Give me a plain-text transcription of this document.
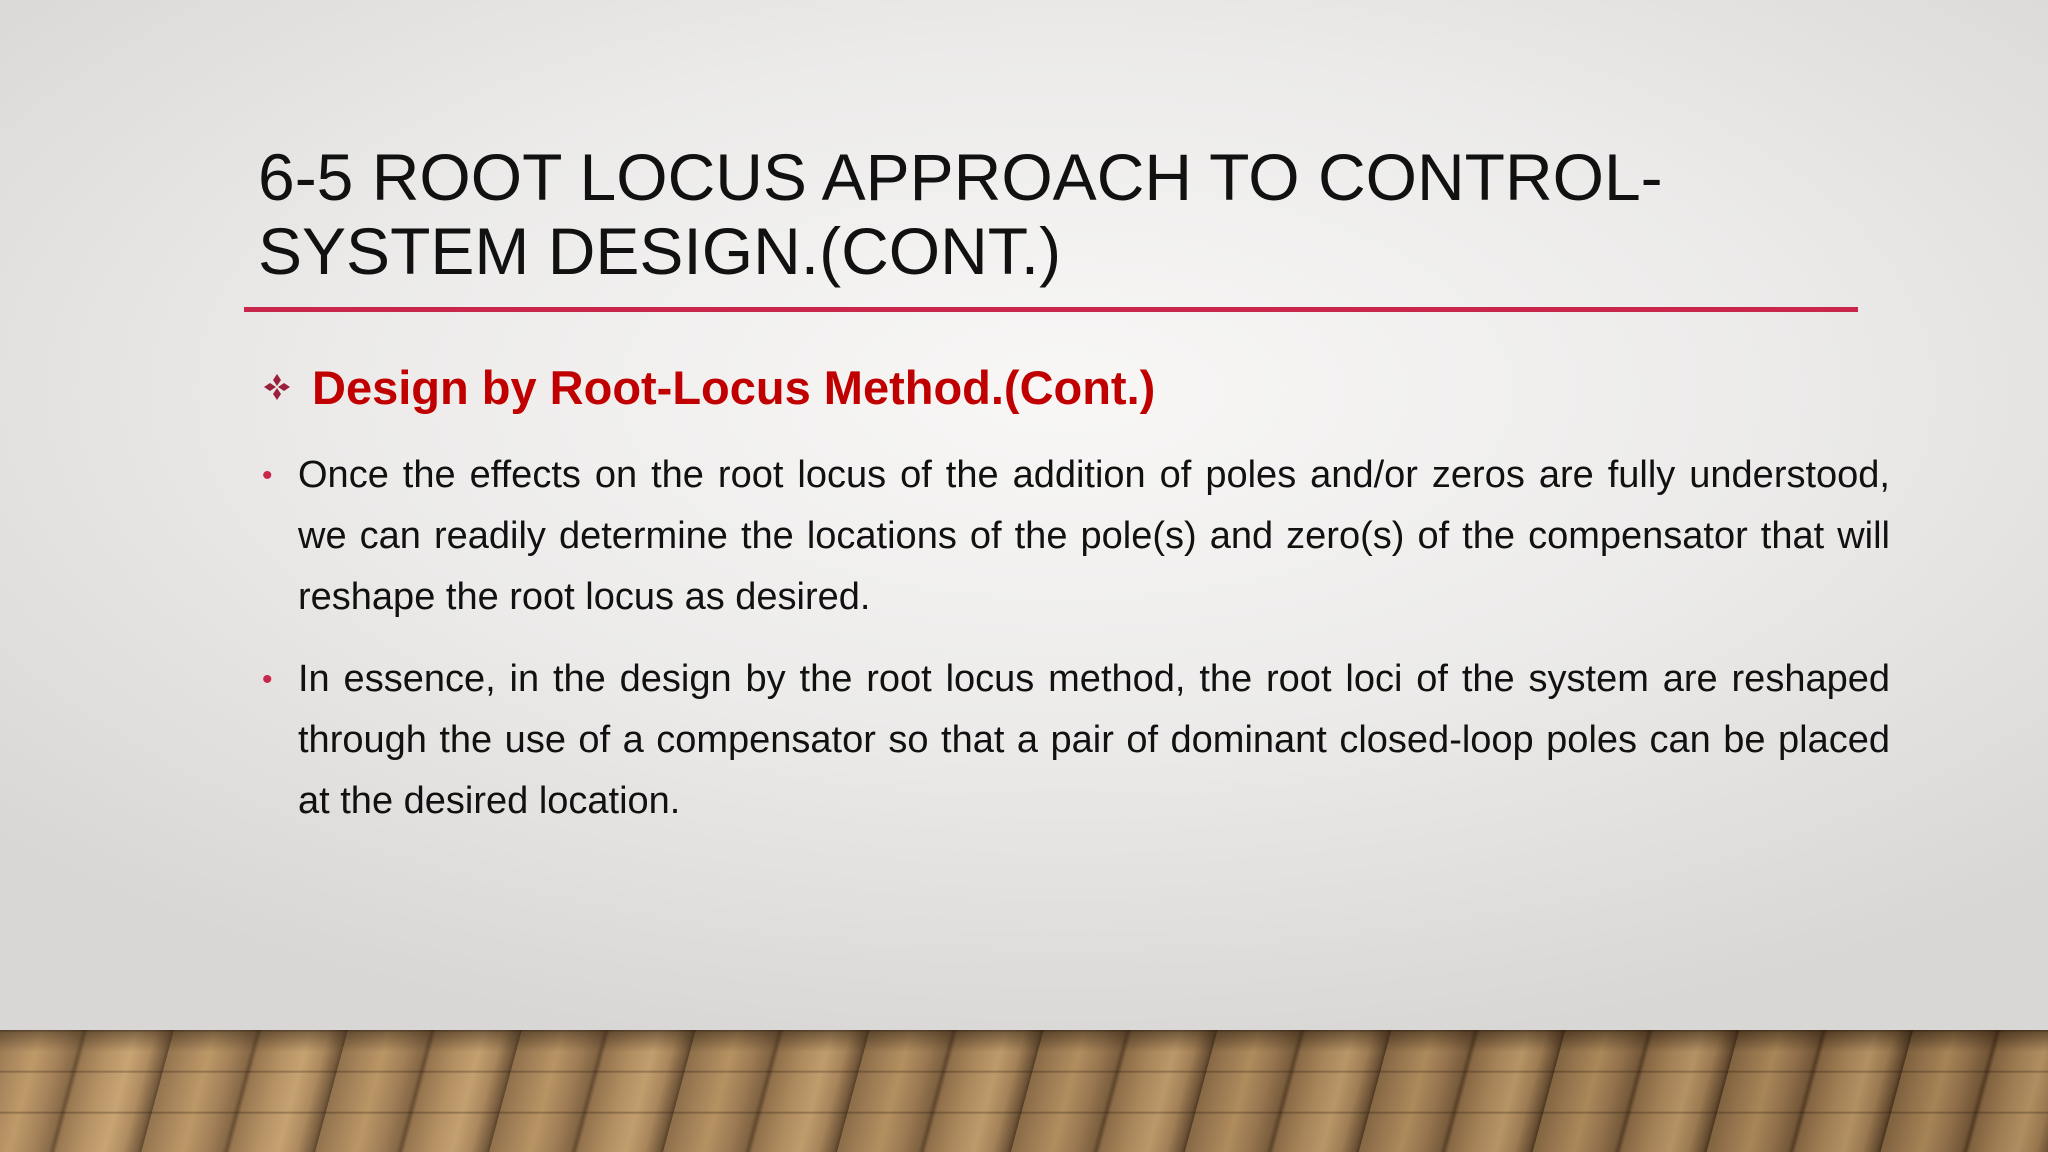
6-5 ROOT LOCUS APPROACH TO CONTROL-SYSTEM DESIGN.(CONT.)
Design by Root-Locus Method.(Cont.)
• Once the effects on the root locus of the addition of poles and/or zeros are fully understood, we can readily determine the locations of the pole(s) and zero(s) of the compensator that will reshape the root locus as desired.
• In essence, in the design by the root locus method, the root loci of the system are reshaped through the use of a compensator so that a pair of dominant closed-loop poles can be placed at the desired location.
